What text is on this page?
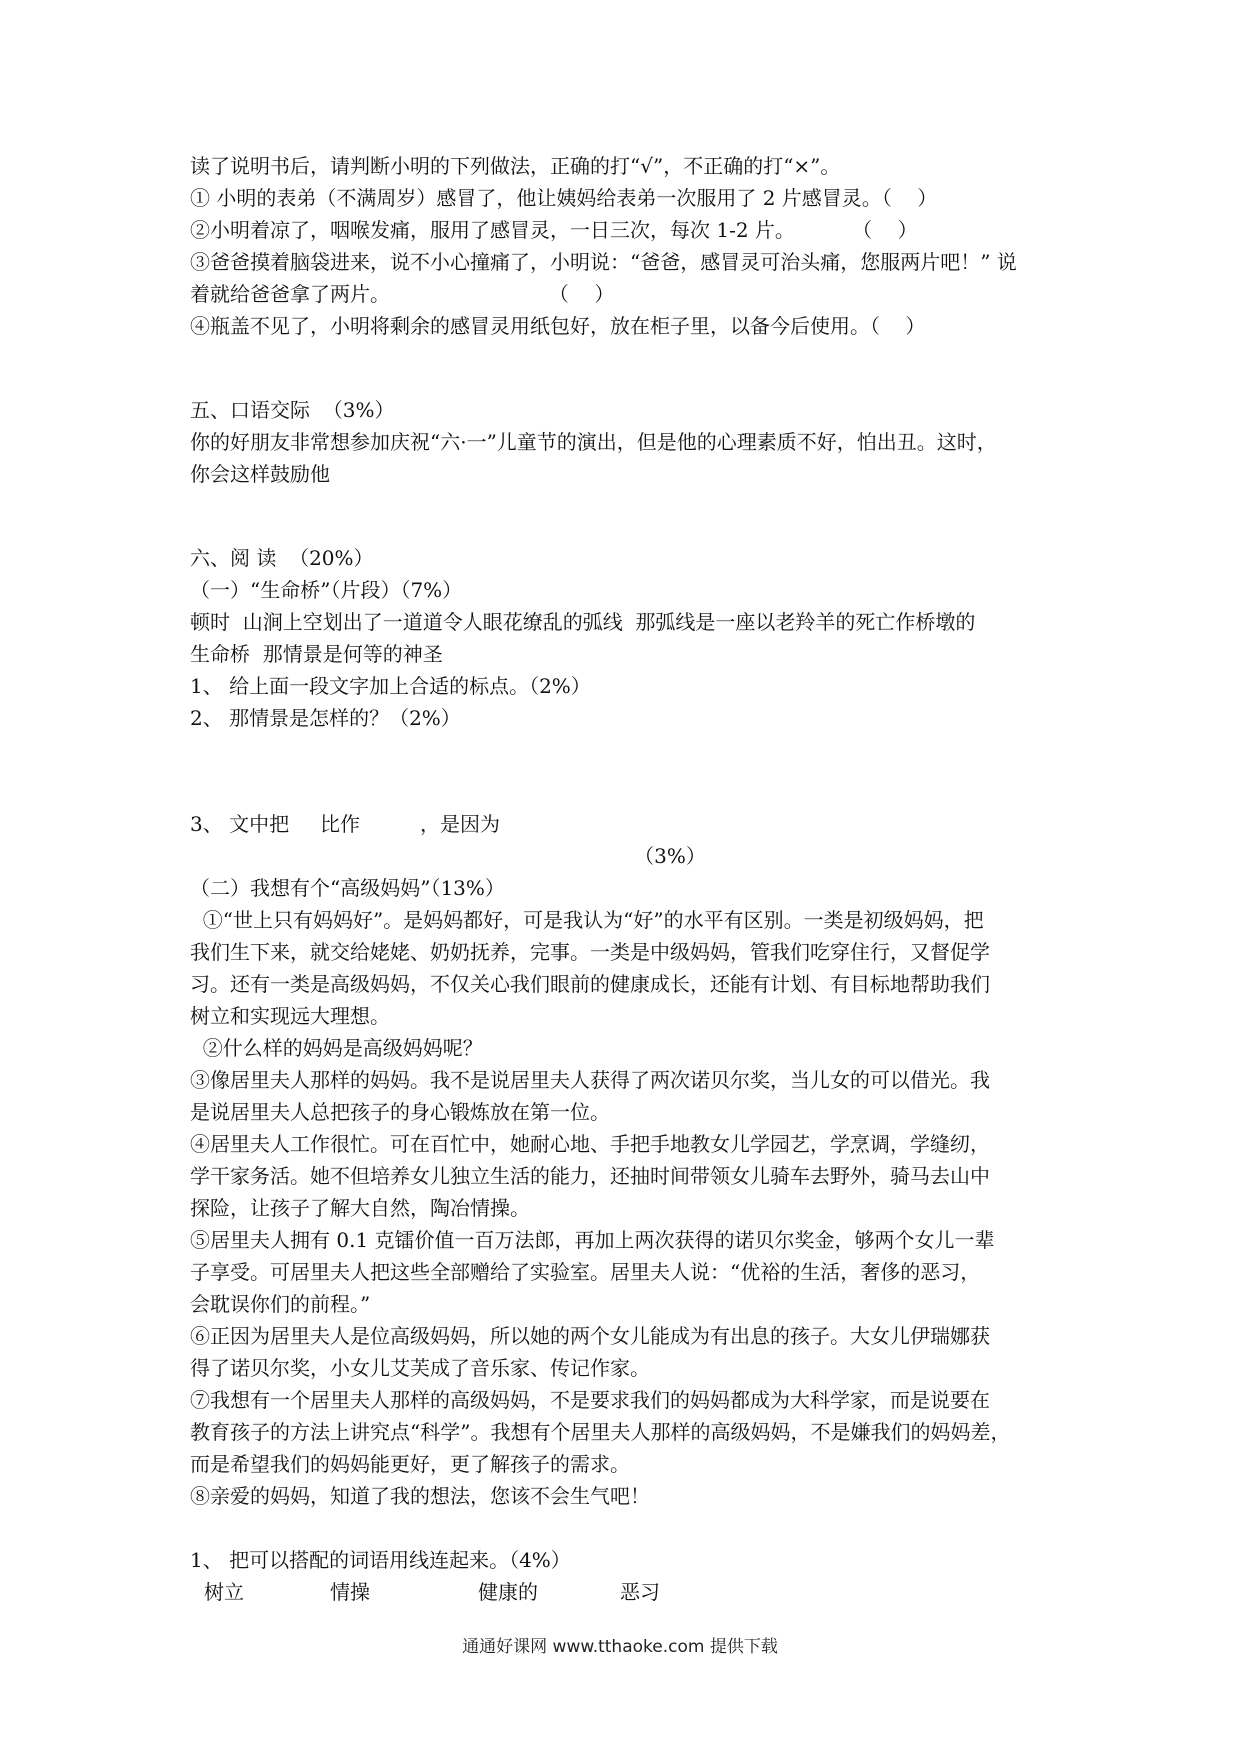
读了说明书后，请判断小明的下列做法，正确的打“√”，不正确的打“×”。

① 小明的表弟（不满周岁）感冒了，他让姨妈给表弟一次服用了 2 片感冒灵。（    ）

②小明着凉了，咽喉发痛，服用了感冒灵，一日三次，每次 1-2 片。         （    ）

③爸爸摸着脑袋进来，说不小心撞痛了，小明说：“爸爸，感冒灵可治头痛，您服两片吧！” 说

着就给爸爸拿了两片。                         （    ）

④瓶盖不见了，小明将剩余的感冒灵用纸包好，放在柜子里，以备今后使用。（    ）

五、口语交际  （3%）

你的好朋友非常想参加庆祝“六·一”儿童节的演出，但是他的心理素质不好，怕出丑。这时，

你会这样鼓励他

六、阅 读  （20%）

（一）“生命桥”（片段）（7%）

顿时  山涧上空划出了一道道令人眼花缭乱的弧线  那弧线是一座以老羚羊的死亡作桥墩的

生命桥  那情景是何等的神圣

1、 给上面一段文字加上合适的标点。（2%）

2、 那情景是怎样的？（2%）

3、 文中把	比作	，是因为

（3%）

（二）我想有个“高级妈妈”（13%）

①“世上只有妈妈好”。是妈妈都好，可是我认为“好”的水平有区别。一类是初级妈妈，把

我们生下来，就交给姥姥、奶奶抚养，完事。一类是中级妈妈，管我们吃穿住行，又督促学

习。还有一类是高级妈妈，不仅关心我们眼前的健康成长，还能有计划、有目标地帮助我们

树立和实现远大理想。

②什么样的妈妈是高级妈妈呢？

③像居里夫人那样的妈妈。我不是说居里夫人获得了两次诺贝尔奖，当儿女的可以借光。我

是说居里夫人总把孩子的身心锻炼放在第一位。

④居里夫人工作很忙。可在百忙中，她耐心地、手把手地教女儿学园艺，学烹调，学缝纫，

学干家务活。她不但培养女儿独立生活的能力，还抽时间带领女儿骑车去野外，骑马去山中

探险，让孩子了解大自然，陶冶情操。

⑤居里夫人拥有 0.1 克镭价值一百万法郎，再加上两次获得的诺贝尔奖金，够两个女儿一辈

子享受。可居里夫人把这些全部赠给了实验室。居里夫人说：“优裕的生活，奢侈的恶习，

会耽误你们的前程。”

⑥正因为居里夫人是位高级妈妈，所以她的两个女儿能成为有出息的孩子。大女儿伊瑞娜获

得了诺贝尔奖，小女儿艾芙成了音乐家、传记作家。

⑦我想有一个居里夫人那样的高级妈妈，不是要求我们的妈妈都成为大科学家，而是说要在

教育孩子的方法上讲究点“科学”。我想有个居里夫人那样的高级妈妈，不是嫌我们的妈妈差，

而是希望我们的妈妈能更好，更了解孩子的需求。

⑧亲爱的妈妈，知道了我的想法，您该不会生气吧！

1、 把可以搭配的词语用线连起来。（4%）

树立	情操	健康的	恶习
通通好课网 www.tthaoke.com 提供下载
